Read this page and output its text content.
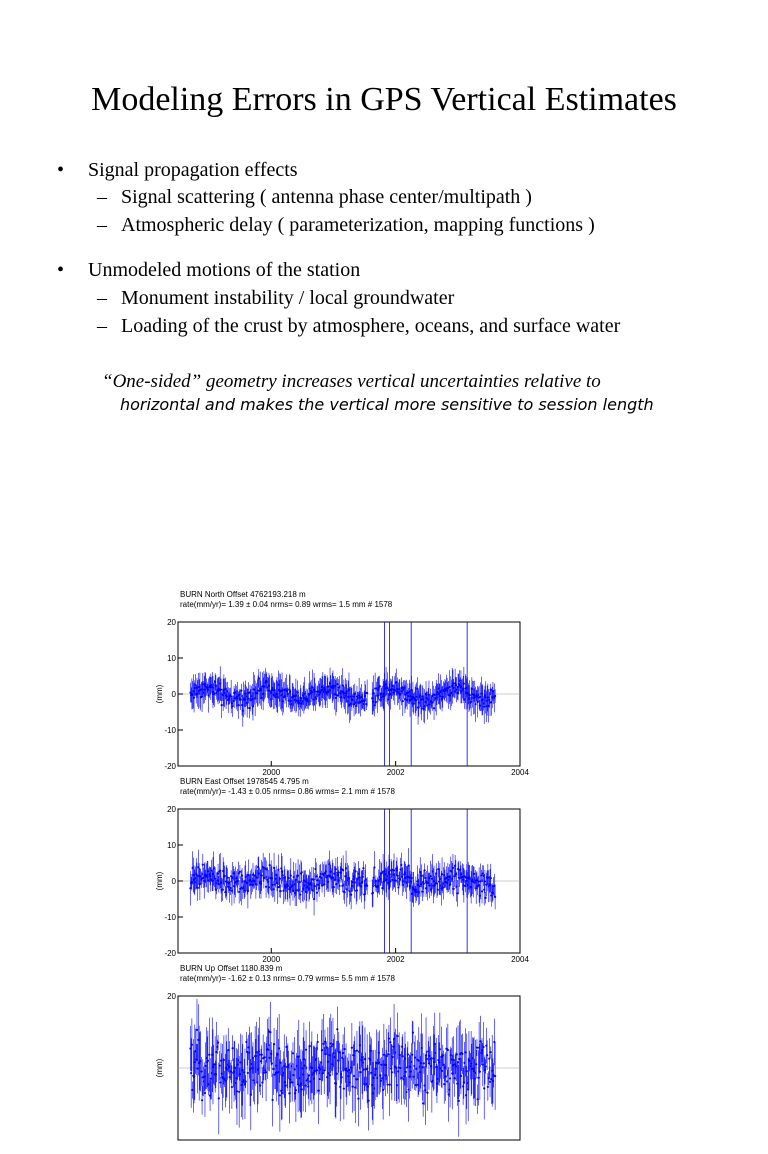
Modeling Errors in GPS Vertical Estimates
•	Signal propagation effects
– Signal scattering ( antenna phase center/multipath )
– Atmospheric delay ( parameterization, mapping functions )
•	Unmodeled motions of the station
– Monument instability / local groundwater
– Loading of the crust by atmosphere, oceans, and surface water
“One-sided” geometry increases vertical uncertainties relative to
horizontal and makes the vertical more sensitive to session length
BURN North Offset 4762193.218 m
rate(mm/yr)= 1.39 ± 0.04 nrms= 0.89 wrms= 1.5 mm # 1578
20
10
0
-10
-20
2000	2002	2004
(mm)
BURN East Offset 1978545 4.795 m
rate(mm/yr)= -1.43 ± 0.05 nrms= 0.86 wrms= 2.1 mm # 1578
20
10
0
-10
-20
2000	2002	2004
(mm)
BURN Up Offset 1180.839 m
rate(mm/yr)= -1.62 ± 0.13 nrms= 0.79 wrms= 5.5 mm # 1578
20
(mm)
